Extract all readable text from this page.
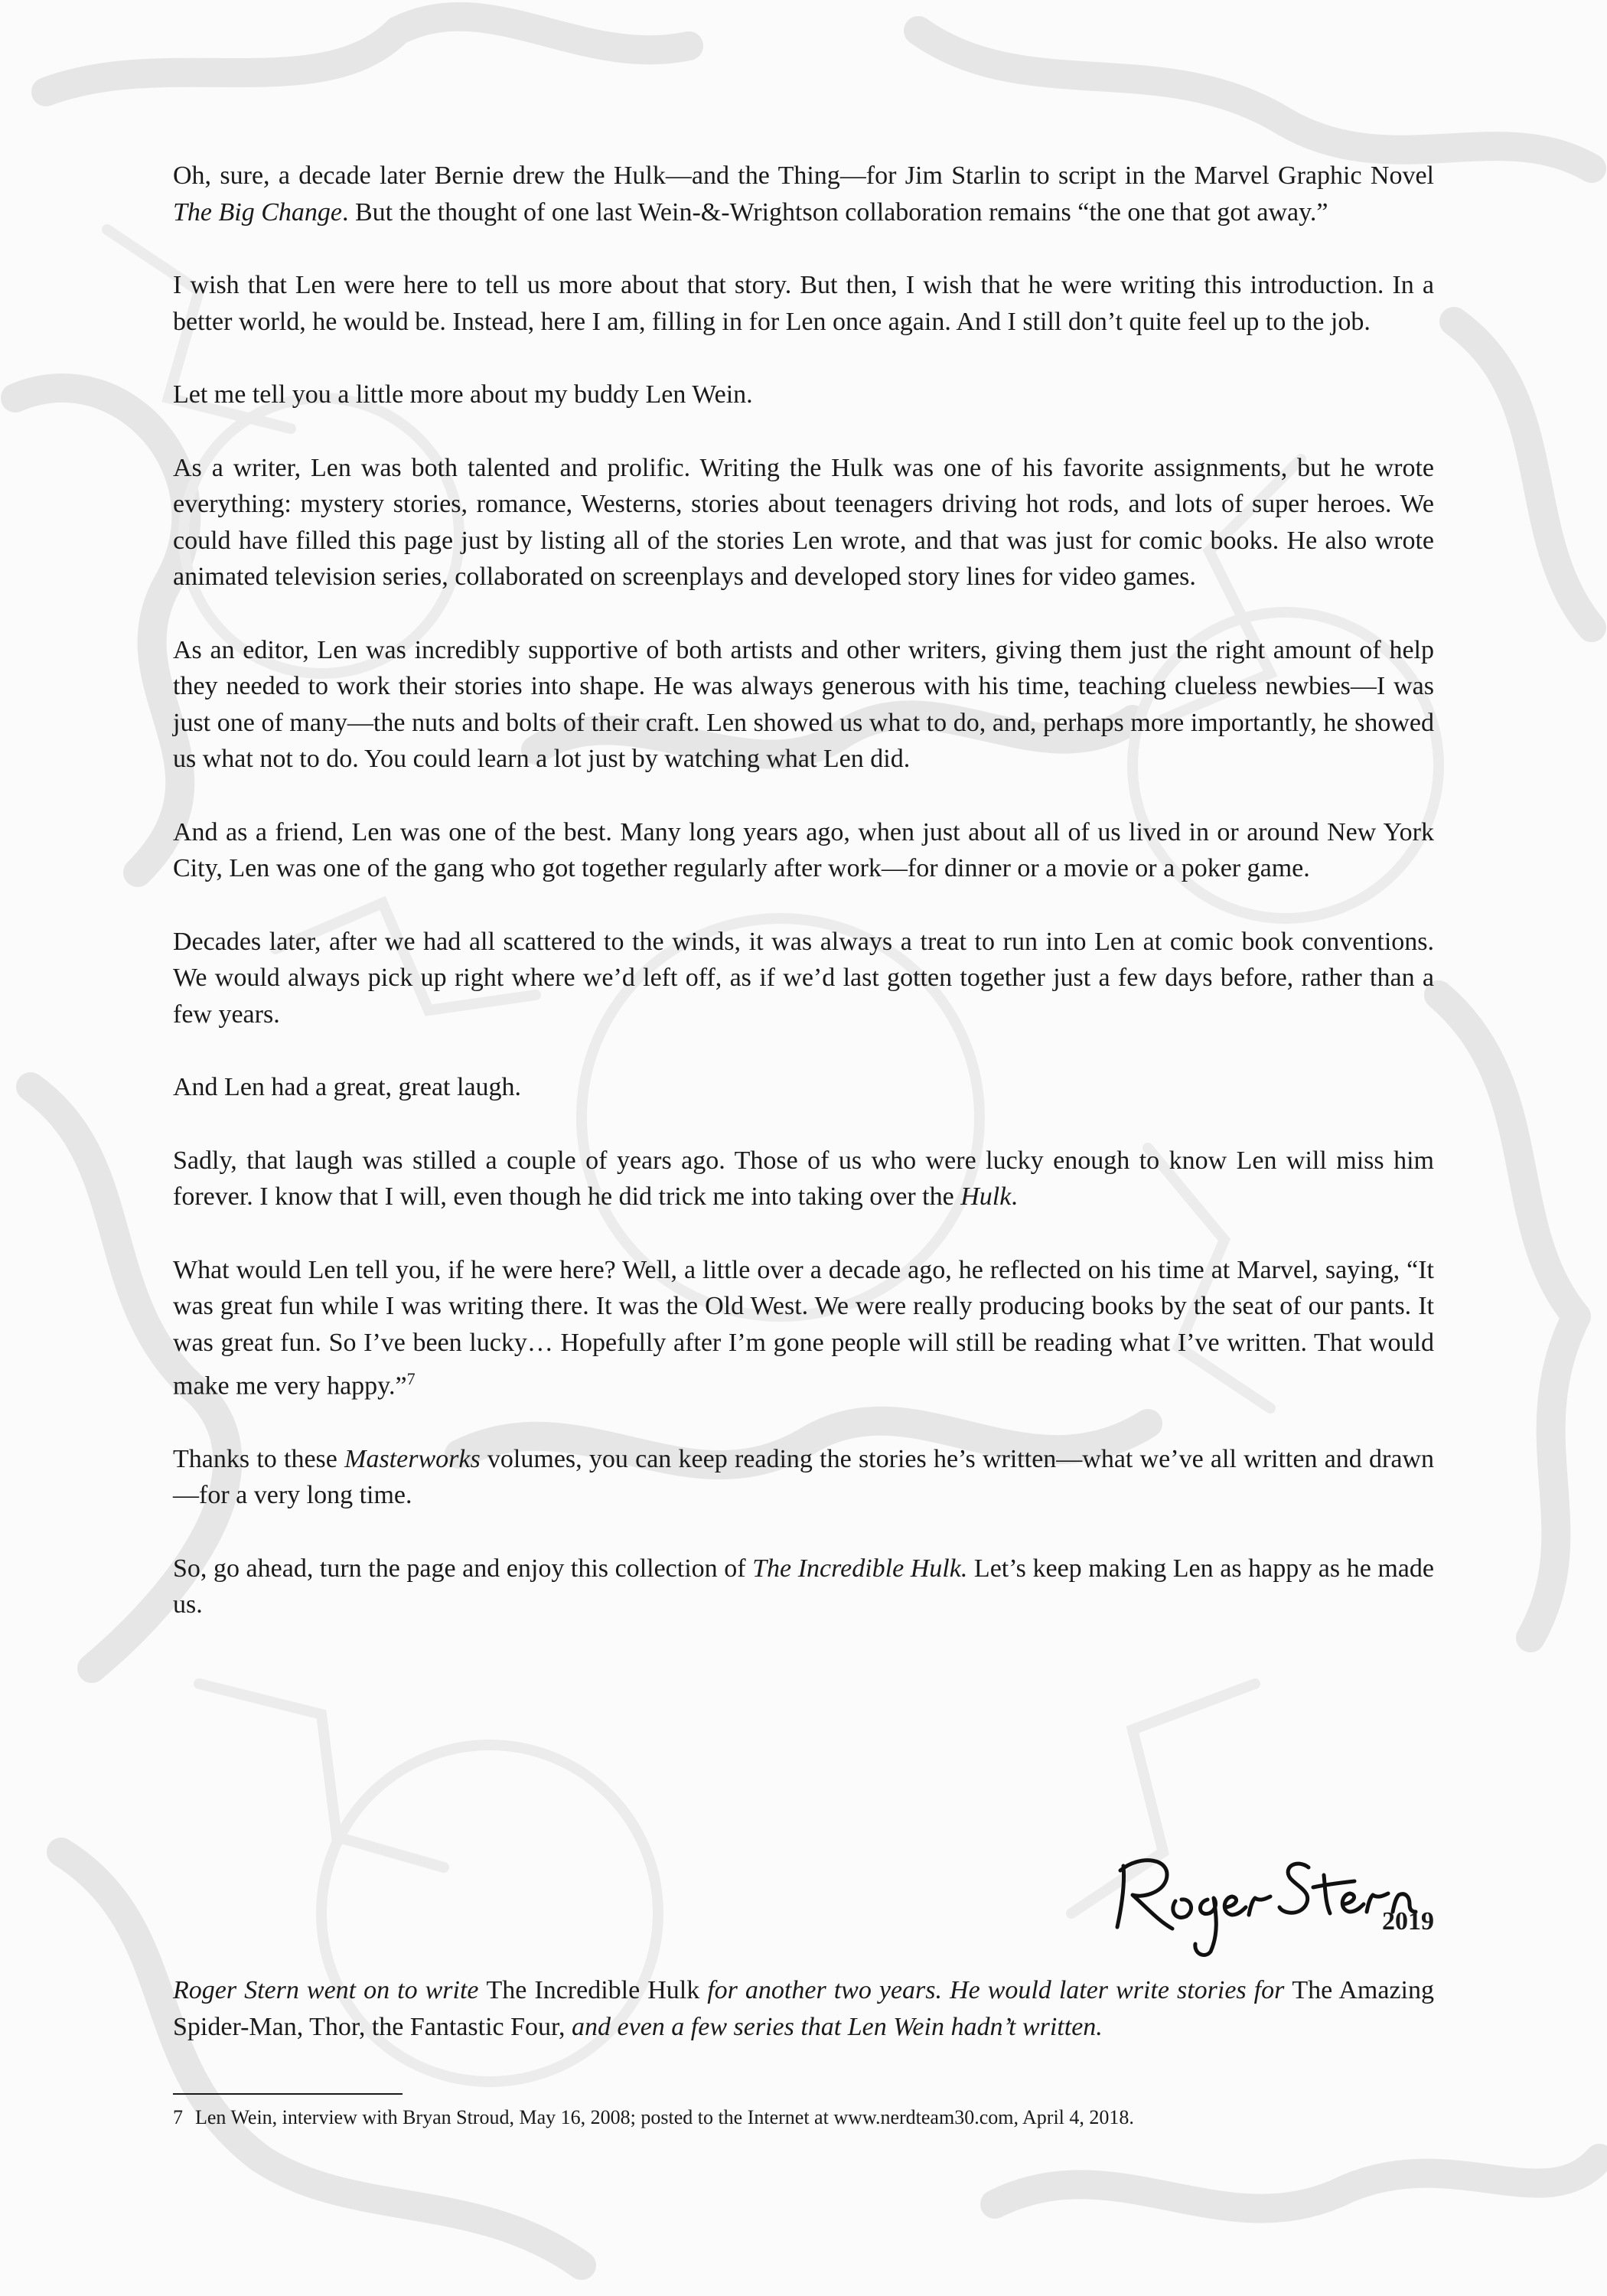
Oh, sure, a decade later Bernie drew the Hulk—and the Thing—for Jim Starlin to script in the Marvel Graphic Novel The Big Change. But the thought of one last Wein-&-Wrightson collaboration remains “the one that got away.”

I wish that Len were here to tell us more about that story. But then, I wish that he were writing this introduction. In a better world, he would be. Instead, here I am, filling in for Len once again. And I still don’t quite feel up to the job.

Let me tell you a little more about my buddy Len Wein.

As a writer, Len was both talented and prolific. Writing the Hulk was one of his favorite assignments, but he wrote everything: mystery stories, romance, Westerns, stories about teenagers driving hot rods, and lots of super heroes. We could have filled this page just by listing all of the stories Len wrote, and that was just for comic books. He also wrote animated television series, collaborated on screenplays and developed story lines for video games.

As an editor, Len was incredibly supportive of both artists and other writers, giving them just the right amount of help they needed to work their stories into shape. He was always generous with his time, teaching clueless newbies—I was just one of many—the nuts and bolts of their craft. Len showed us what to do, and, perhaps more importantly, he showed us what not to do. You could learn a lot just by watching what Len did.

And as a friend, Len was one of the best. Many long years ago, when just about all of us lived in or around New York City, Len was one of the gang who got together regularly after work—for dinner or a movie or a poker game.

Decades later, after we had all scattered to the winds, it was always a treat to run into Len at comic book conventions. We would always pick up right where we’d left off, as if we’d last gotten together just a few days before, rather than a few years.

And Len had a great, great laugh.

Sadly, that laugh was stilled a couple of years ago. Those of us who were lucky enough to know Len will miss him forever. I know that I will, even though he did trick me into taking over the Hulk.

What would Len tell you, if he were here? Well, a little over a decade ago, he reflected on his time at Marvel, saying, “It was great fun while I was writing there. It was the Old West. We were really producing books by the seat of our pants. It was great fun. So I’ve been lucky… Hopefully after I’m gone people will still be reading what I’ve written. That would make me very happy.”$^7$

Thanks to these Masterworks volumes, you can keep reading the stories he’s written—what we’ve all written and drawn—for a very long time.

So, go ahead, turn the page and enjoy this collection of The Incredible Hulk. Let’s keep making Len as happy as he made us.

2019
Roger Stern went on to write The Incredible Hulk for another two years. He would later write stories for The Amazing Spider-Man, Thor, the Fantastic Four, and even a few series that Len Wein hadn’t written.
7 Len Wein, interview with Bryan Stroud, May 16, 2008; posted to the Internet at www.nerdteam30.com, April 4, 2018.
